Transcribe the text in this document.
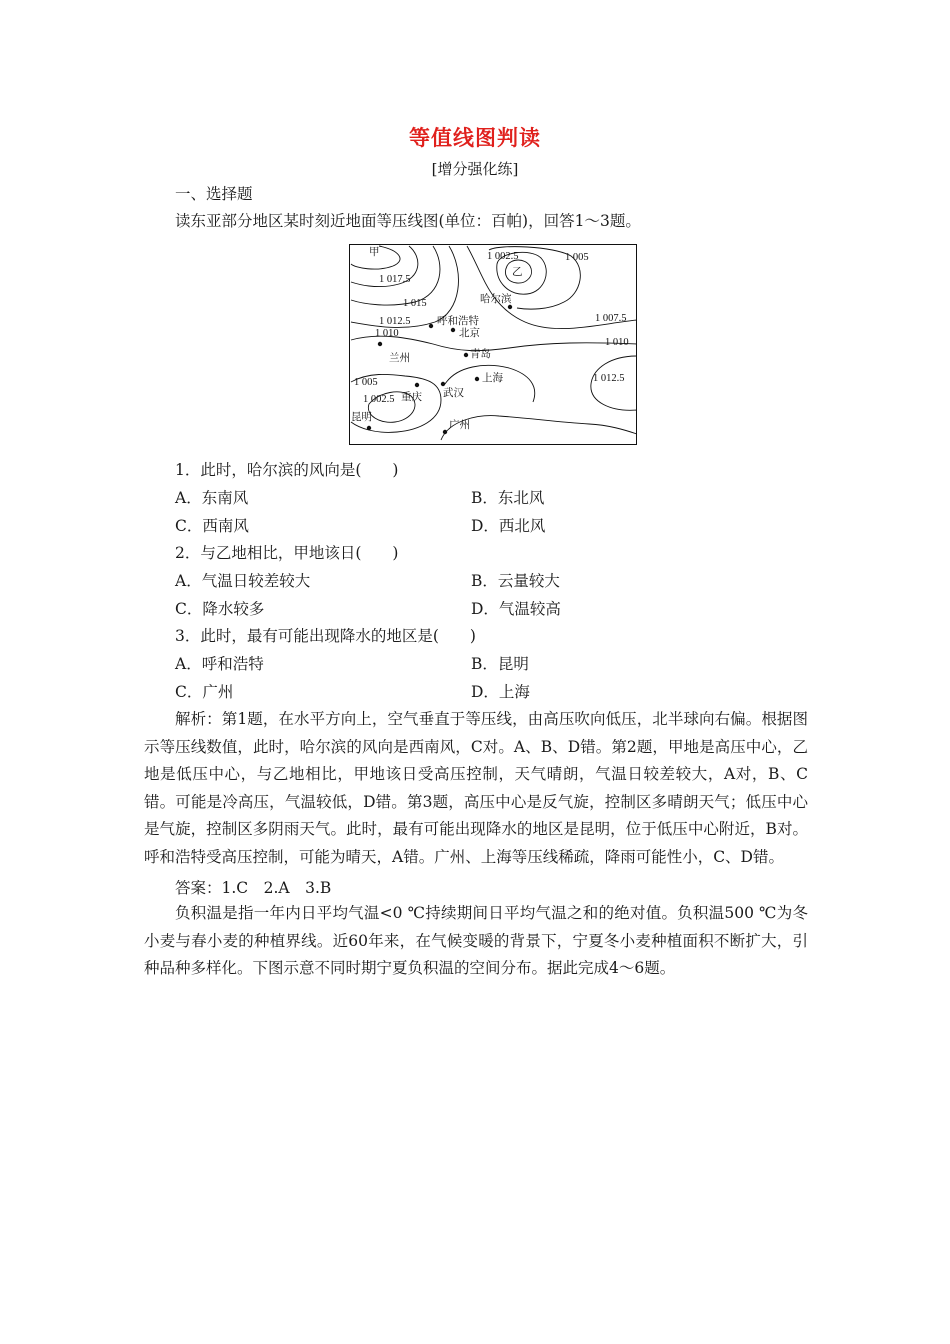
等值线图判读
[增分强化练]
一、选择题
读东亚部分地区某时刻近地面等压线图(单位：百帕)，回答1～3题。
1 002.5	1 005
1 017.5
1 015
1 012.5
1 010
1 007.5
1 010
1 012.5
1 005
1 002.5
甲
乙
哈尔滨
呼和浩特
北京
兰州	青岛
上海
武汉
重庆
昆明
广州
1．此时，哈尔滨的风向是(　　)
A．东南风	B．东北风
C．西南风	D．西北风
2．与乙地相比，甲地该日(　　)
A．气温日较差较大	B．云量较大
C．降水较多	D．气温较高
3．此时，最有可能出现降水的地区是(　　)
A．呼和浩特	B．昆明
C．广州	D．上海
解析：第1题，在水平方向上，空气垂直于等压线，由高压吹向低压，北半球向右偏。根据图示等压线数值，此时，哈尔滨的风向是西南风，C对。A、B、D错。第2题，甲地是高压中心，乙地是低压中心，与乙地相比，甲地该日受高压控制，天气晴朗，气温日较差较大，A对，B、C错。可能是冷高压，气温较低，D错。第3题，高压中心是反气旋，控制区多晴朗天气；低压中心是气旋，控制区多阴雨天气。此时，最有可能出现降水的地区是昆明，位于低压中心附近，B对。呼和浩特受高压控制，可能为晴天，A错。广州、上海等压线稀疏，降雨可能性小，C、D错。
答案：1.C　2.A　3.B
负积温是指一年内日平均气温<0 ℃持续期间日平均气温之和的绝对值。负积温500 ℃为冬小麦与春小麦的种植界线。近60年来，在气候变暖的背景下，宁夏冬小麦种植面积不断扩大，引种品种多样化。下图示意不同时期宁夏负积温的空间分布。据此完成4～6题。
